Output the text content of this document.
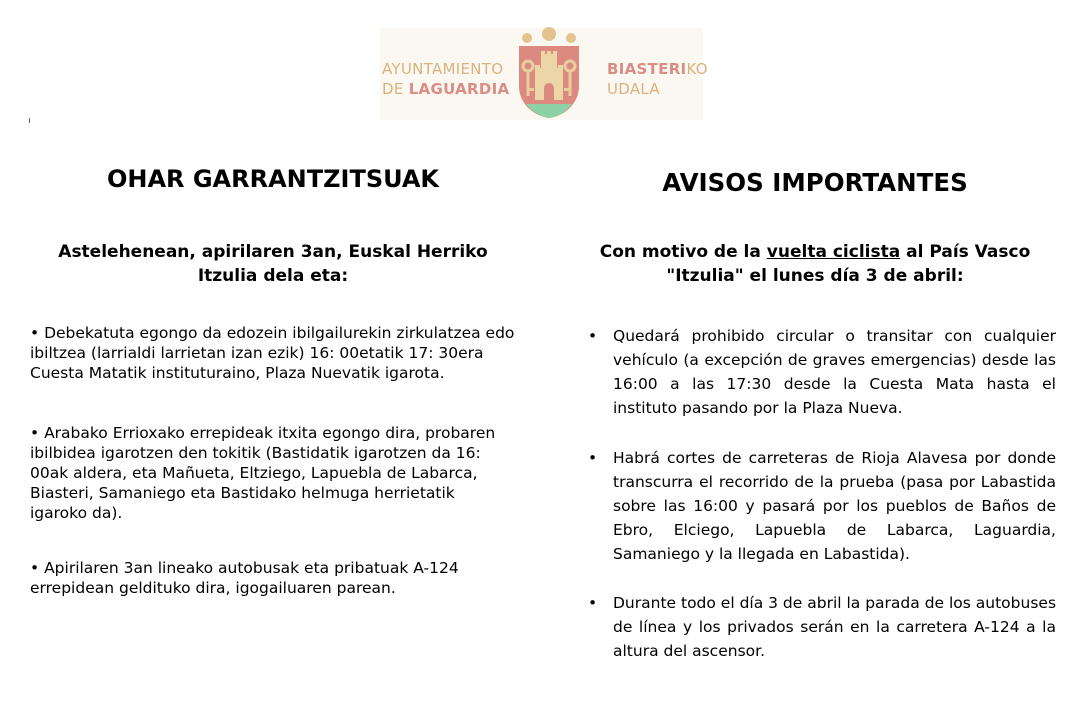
AYUNTAMIENTO
DE LAGUARDIA
BIASTERIKO
UDALA
OHAR GARRANTZITSUAK
Astelehenean, apirilaren 3an, Euskal Herriko
Itzulia dela eta:

• Debekatuta egongo da edozein ibilgailurekin zirkulatzea edo ibiltzea (larrialdi larrietan izan ezik) 16: 00etatik 17: 30era Cuesta Matatik instituturaino, Plaza Nuevatik igarota.

• Arabako Errioxako errepideak itxita egongo dira, probaren ibilbidea igarotzen den tokitik (Bastidatik igarotzen da 16: 00ak aldera, eta Mañueta, Eltziego, Lapuebla de Labarca, Biasteri, Samaniego eta Bastidako helmuga herrietatik igaroko da).

• Apirilaren 3an lineako autobusak eta pribatuak A-124 errepidean geldituko dira, igogailuaren parean.

AVISOS IMPORTANTES
Con motivo de la vuelta ciclista al País Vasco
"Itzulia" el lunes día 3 de abril:
• Quedará prohibido circular o transitar con cualquier vehículo (a excepción de graves emergencias) desde las 16:00 a las 17:30 desde la Cuesta Mata hasta el instituto pasando por la Plaza Nueva.
• Habrá cortes de carreteras de Rioja Alavesa por donde transcurra el recorrido de la prueba (pasa por Labastida sobre las 16:00 y pasará por los pueblos de Baños de Ebro, Elciego, Lapuebla de Labarca, Laguardia, Samaniego y la llegada en Labastida).
• Durante todo el día 3 de abril la parada de los autobuses de línea y los privados serán en la carretera A-124 a la altura del ascensor.
